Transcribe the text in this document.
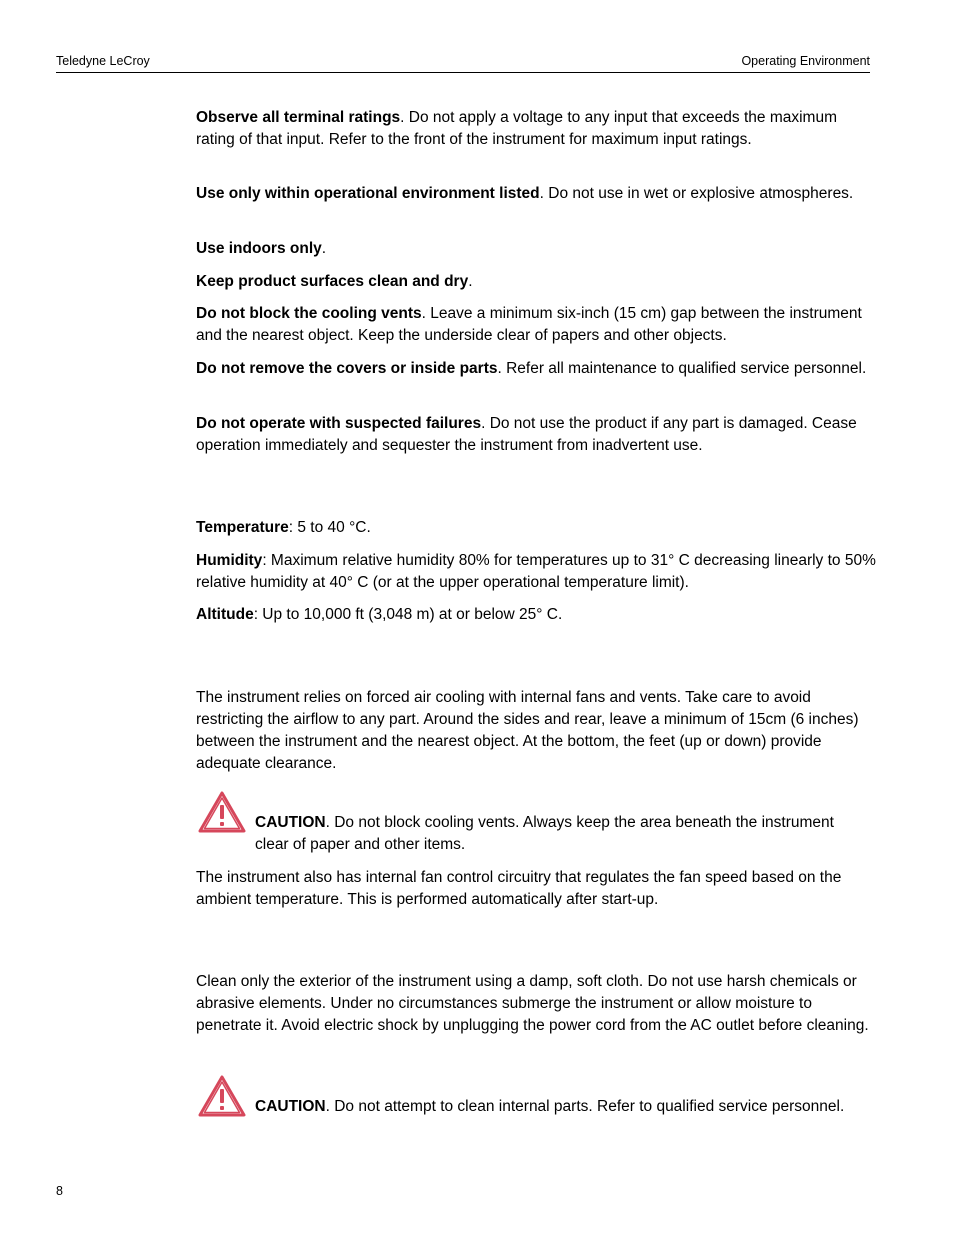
Teledyne LeCroy	Operating Environment

Observe all terminal ratings. Do not apply a voltage to any input that exceeds the maximum rating of that input. Refer to the front of the instrument for maximum input ratings.

Use only within operational environment listed. Do not use in wet or explosive atmospheres.

Use indoors only.

Keep product surfaces clean and dry.

Do not block the cooling vents. Leave a minimum six-inch (15 cm) gap between the instrument and the nearest object. Keep the underside clear of papers and other objects.

Do not remove the covers or inside parts. Refer all maintenance to qualified service personnel.

Do not operate with suspected failures. Do not use the product if any part is damaged. Cease operation immediately and sequester the instrument from inadvertent use.

Temperature: 5 to 40 °C.

Humidity: Maximum relative humidity 80% for temperatures up to 31° C decreasing linearly to 50% relative humidity at 40° C (or at the upper operational temperature limit).

Altitude: Up to 10,000 ft (3,048 m) at or below 25° C.

The instrument relies on forced air cooling with internal fans and vents. Take care to avoid restricting the airflow to any part. Around the sides and rear, leave a minimum of 15cm (6 inches) between the instrument and the nearest object. At the bottom, the feet (up or down) provide adequate clearance.

CAUTION. Do not block cooling vents. Always keep the area beneath the instrument clear of paper and other items.

The instrument also has internal fan control circuitry that regulates the fan speed based on the ambient temperature. This is performed automatically after start-up.

Clean only the exterior of the instrument using a damp, soft cloth. Do not use harsh chemicals or abrasive elements. Under no circumstances submerge the instrument or allow moisture to penetrate it. Avoid electric shock by unplugging the power cord from the AC outlet before cleaning.

CAUTION. Do not attempt to clean internal parts. Refer to qualified service personnel.

8
